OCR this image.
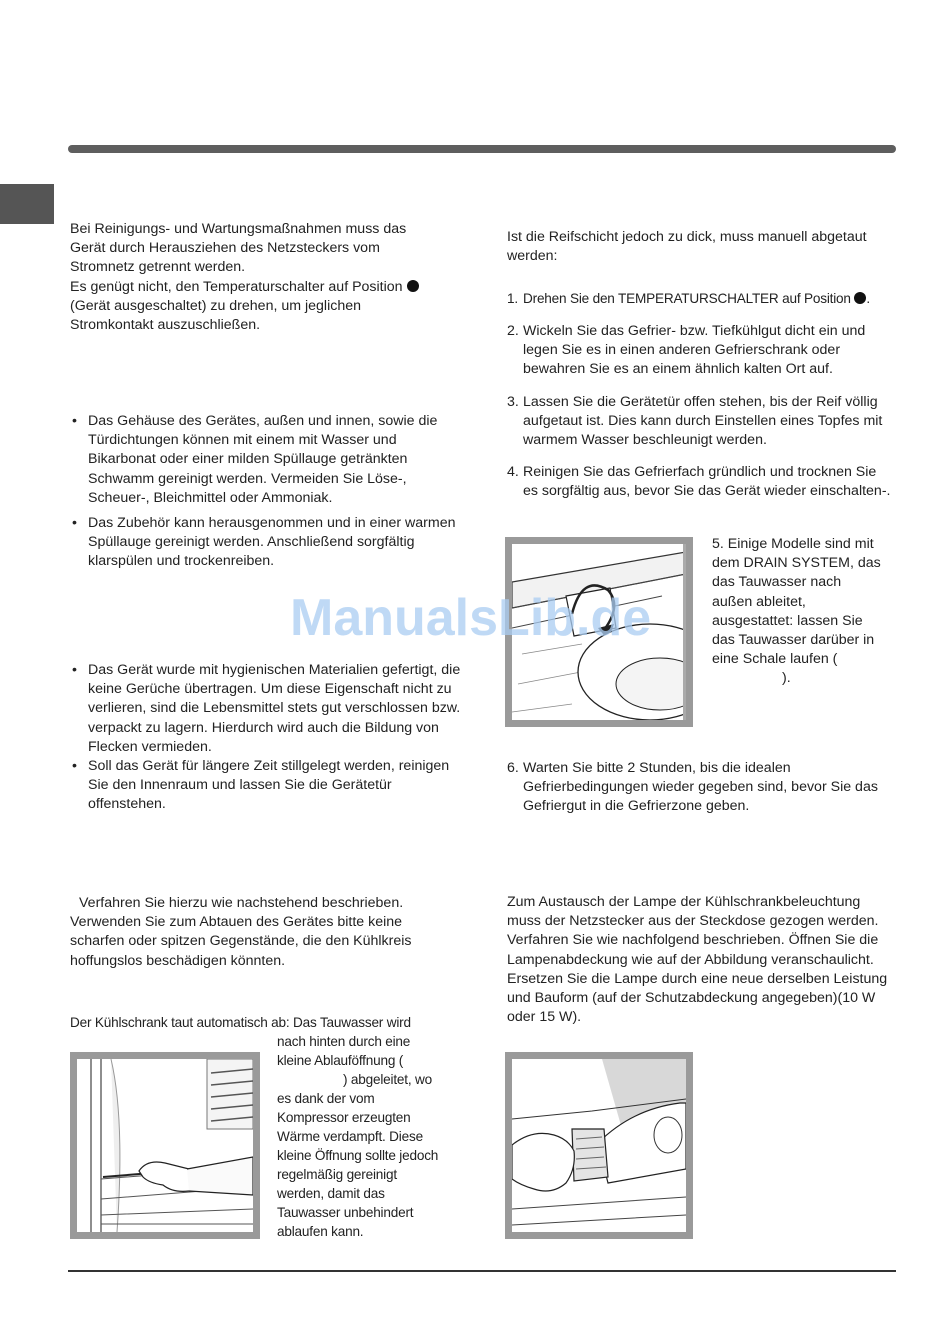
Bei Reinigungs- und Wartungsmaßnahmen muss das

Gerät durch Herausziehen des Netzsteckers vom

Stromnetz getrennt werden.

Es genügt nicht, den Temperaturschalter auf Position

(Gerät ausgeschaltet) zu drehen, um jeglichen

Stromkontakt auszuschließen.

• Das Gehäuse des Gerätes, außen und innen, sowie die Türdichtungen können mit einem mit Wasser und Bikarbonat oder einer milden Spüllauge getränkten Schwamm gereinigt werden. Vermeiden Sie Löse-, Scheuer-, Bleichmittel oder Ammoniak.
• Das Zubehör kann herausgenommen und in einer warmen Spüllauge gereinigt werden. Anschließend sorgfältig klarspülen und trockenreiben.
• Das Gerät wurde mit hygienischen Materialien gefertigt, die keine Gerüche übertragen. Um diese Eigenschaft nicht zu verlieren, sind die Lebensmittel stets gut verschlossen bzw. verpackt zu lagern. Hierdurch wird auch die Bildung von Flecken vermieden.
• Soll das Gerät für längere Zeit stillgelegt werden, reinigen Sie den Innenraum und lassen Sie die Gerätetür offenstehen.

Verfahren Sie hierzu wie nachstehend beschrieben. Verwenden Sie zum Abtauen des Gerätes bitte keine scharfen oder spitzen Gegenstände, die den Kühlkreis hoffungslos beschädigen könnten.

Der Kühlschrank taut automatisch ab: Das Tauwasser wird

nach hinten durch eine

kleine Ablauföffnung (

) abgeleitet, wo

es dank der vom

Kompressor erzeugten

Wärme verdampft. Diese

kleine Öffnung sollte jedoch

regelmäßig gereinigt

werden, damit das

Tauwasser unbehindert

ablaufen kann.

Ist die Reifschicht jedoch zu dick, muss manuell abgetaut werden:

1. Drehen Sie den TEMPERATURSCHALTER auf Position .
2. Wickeln Sie das Gefrier- bzw. Tiefkühlgut dicht ein und legen Sie es in einen anderen Gefrierschrank oder bewahren Sie es an einem ähnlich kalten Ort auf.
3. Lassen Sie die Gerätetür offen stehen, bis der Reif völlig aufgetaut ist. Dies kann durch Einstellen eines Topfes mit warmem Wasser beschleunigt werden.
4. Reinigen Sie das Gefrierfach gründlich und trocknen Sie es sorgfältig aus, bevor Sie das Gerät wieder einschalten-.

5. Einige Modelle sind mit

dem DRAIN SYSTEM, das

das Tauwasser nach

außen ableitet,

ausgestattet: lassen Sie

das Tauwasser darüber in

eine Schale laufen (

).

6. Warten Sie bitte 2 Stunden, bis die idealen Gefrierbedingungen wieder gegeben sind, bevor Sie das Gefriergut in die Gefrierzone geben.

Zum Austausch der Lampe der Kühlschrankbeleuchtung muss der Netzstecker aus der Steckdose gezogen werden. Verfahren Sie wie nachfolgend beschrieben. Öffnen Sie die Lampenabdeckung wie auf der Abbildung veranschaulicht. Ersetzen Sie die Lampe durch eine neue derselben Leistung und Bauform (auf der Schutzabdeckung angegeben)(10 W oder 15 W).

ManualsLib.de
